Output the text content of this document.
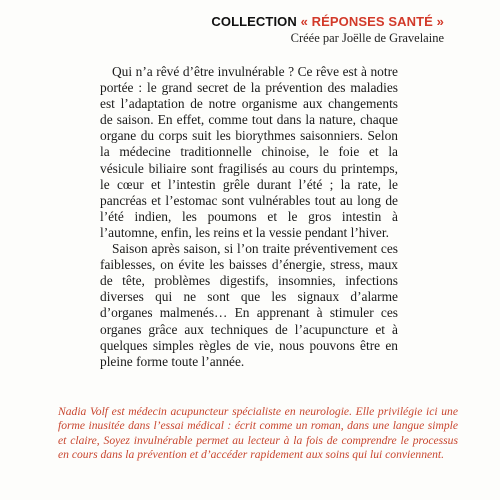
COLLECTION « RÉPONSES SANTÉ »
Créée par Joëlle de Gravelaine

Qui n’a rêvé d’être invulnérable ? Ce rêve est à notre portée : le grand secret de la prévention des maladies est l’adaptation de notre organisme aux changements de saison. En effet, comme tout dans la nature, chaque organe du corps suit les biorythmes saisonniers. Selon la médecine traditionnelle chinoise, le foie et la vésicule biliaire sont fragilisés au cours du printemps, le cœur et l’intestin grêle durant l’été ; la rate, le pancréas et l’estomac sont vulnérables tout au long de l’été indien, les poumons et le gros intestin à l’automne, enfin, les reins et la vessie pendant l’hiver.

Saison après saison, si l’on traite préventivement ces faiblesses, on évite les baisses d’énergie, stress, maux de tête, problèmes digestifs, insomnies, infections diverses qui ne sont que les signaux d’alarme d’organes malmenés… En apprenant à stimuler ces organes grâce aux techniques de l’acupuncture et à quelques simples règles de vie, nous pouvons être en pleine forme toute l’année.

Nadia Volf est médecin acupuncteur spécialiste en neurologie. Elle privilégie ici une forme inusitée dans l’essai médical : écrit comme un roman, dans une langue simple et claire, Soyez invulnérable permet au lecteur à la fois de comprendre le processus en cours dans la prévention et d’accéder rapidement aux soins qui lui conviennent.
